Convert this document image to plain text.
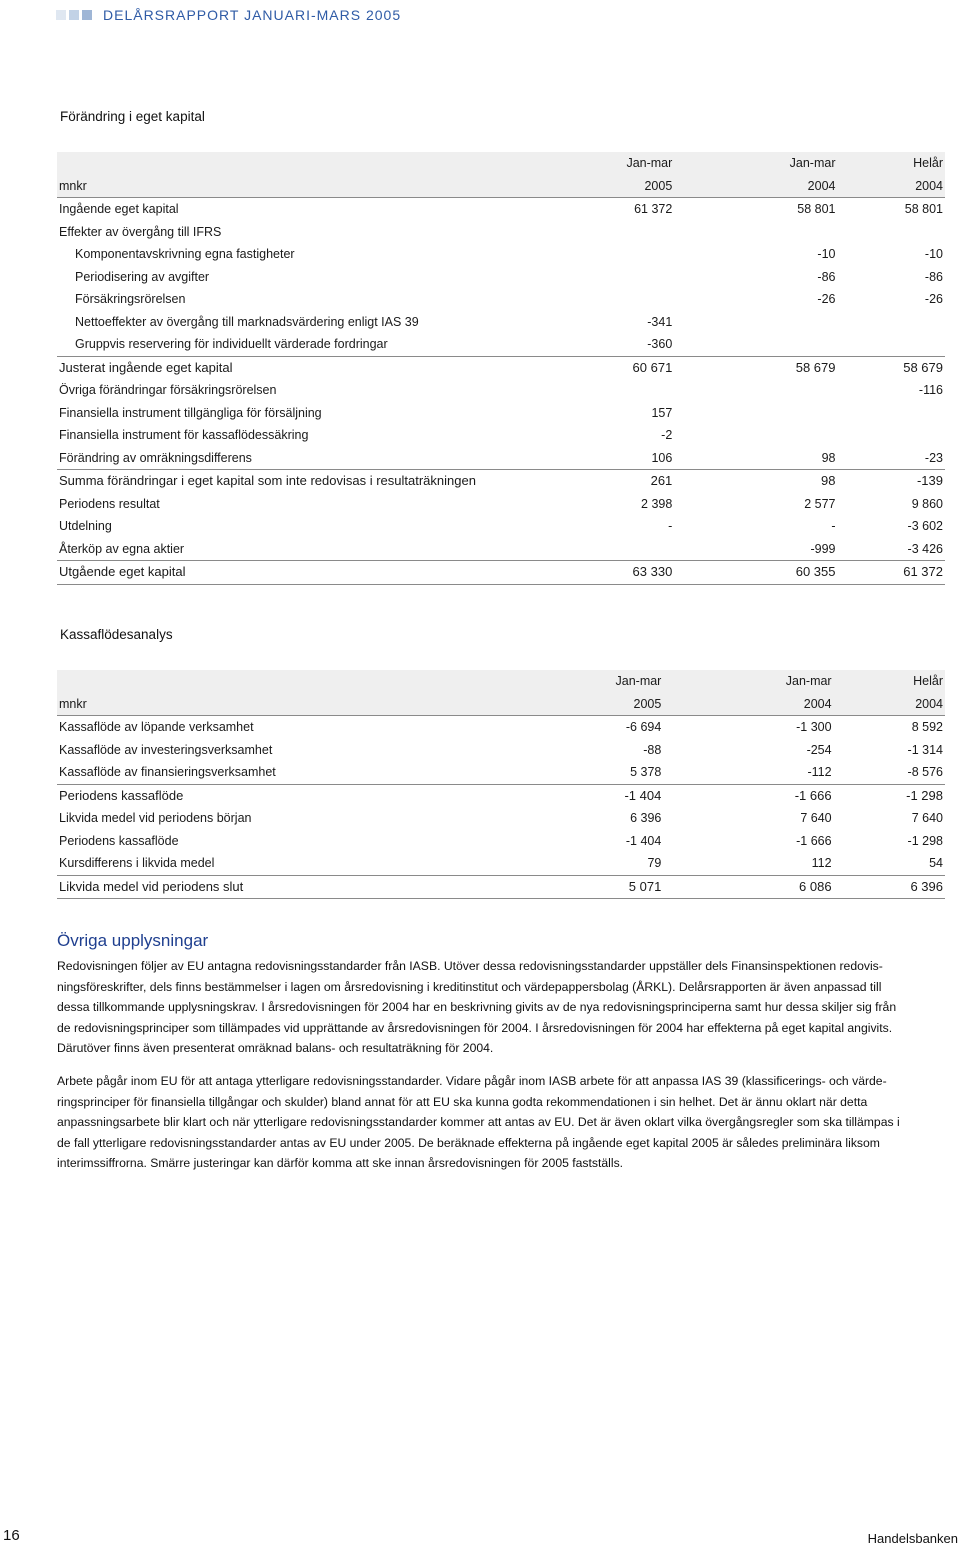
DELÅRSRAPPORT JANUARI-MARS 2005
Förändring i eget kapital
	Jan-mar	Jan-mar	Helår
mnkr	2005	2004	2004
Ingående eget kapital	61 372	58 801	58 801
Effekter av övergång till IFRS			
Komponentavskrivning egna fastigheter		-10	-10
Periodisering av avgifter		-86	-86
Försäkringsrörelsen		-26	-26
Nettoeffekter av övergång till marknadsvärdering enligt IAS 39	-341		
Gruppvis reservering för individuellt värderade fordringar	-360		
Justerat ingående eget kapital	60 671	58 679	58 679
Övriga förändringar försäkringsrörelsen			-116
Finansiella instrument tillgängliga för försäljning	157		
Finansiella instrument för kassaflödessäkring	-2		
Förändring av omräkningsdifferens	106	98	-23
Summa förändringar i eget kapital som inte redovisas i resultaträkningen	261	98	-139
Periodens resultat	2 398	2 577	9 860
Utdelning	-	-	-3 602
Återköp av egna aktier		-999	-3 426
Utgående eget kapital	63 330	60 355	61 372
Kassaflödesanalys
	Jan-mar	Jan-mar	Helår
mnkr	2005	2004	2004
Kassaflöde av löpande verksamhet	-6 694	-1 300	8 592
Kassaflöde av investeringsverksamhet	-88	-254	-1 314
Kassaflöde av finansieringsverksamhet	5 378	-112	-8 576
Periodens kassaflöde	-1 404	-1 666	-1 298
Likvida medel vid periodens början	6 396	7 640	7 640
Periodens kassaflöde	-1 404	-1 666	-1 298
Kursdifferens i likvida medel	79	112	54
Likvida medel vid periodens slut	5 071	6 086	6 396
Övriga upplysningar
Redovisningen följer av EU antagna redovisningsstandarder från IASB. Utöver dessa redovisningsstandarder uppställer dels Finansinspektionen redovis-
ningsföreskrifter, dels finns bestämmelser i lagen om årsredovisning i kreditinstitut och värdepappersbolag (ÅRKL). Delårsrapporten är även anpassad till
dessa tillkommande upplysningskrav. I årsredovisningen för 2004 har en beskrivning givits av de nya redovisningsprinciperna samt hur dessa skiljer sig från
de redovisningsprinciper som tillämpades vid upprättande av årsredovisningen för 2004. I årsredovisningen för 2004 har effekterna på eget kapital angivits.
Därutöver finns även presenterat omräknad balans- och resultaträkning för 2004.
Arbete pågår inom EU för att antaga ytterligare redovisningsstandarder. Vidare pågår inom IASB arbete för att anpassa IAS 39 (klassificerings- och värde-
ringsprinciper för finansiella tillgångar och skulder) bland annat för att EU ska kunna godta rekommendationen i sin helhet. Det är ännu oklart när detta
anpassningsarbete blir klart och när ytterligare redovisningsstandarder kommer att antas av EU. Det är även oklart vilka övergångsregler som ska tillämpas i
de fall ytterligare redovisningsstandarder antas av EU under 2005. De beräknade effekterna på ingående eget kapital 2005 är således preliminära liksom
interimssiffrorna. Smärre justeringar kan därför komma att ske innan årsredovisningen för 2005 fastställs.
16	Handelsbanken
